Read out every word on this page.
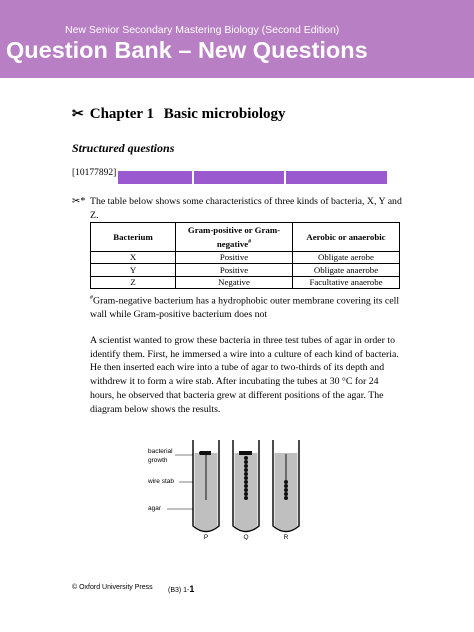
New Senior Secondary Mastering Biology (Second Edition)
Question Bank – New Questions
✂ Chapter 1 Basic microbiology
Structured questions
[10177892]
✂* The table below shows some characteristics of three kinds of bacteria, X, Y and Z.
Bacterium	Gram-positive or Gram-negative#	Aerobic or anaerobic
X	Positive	Obligate aerobe
Y	Positive	Obligate anaerobe
Z	Negative	Facultative anaerobe
#Gram-negative bacterium has a hydrophobic outer membrane covering its cell wall while Gram-positive bacterium does not
A scientist wanted to grow these bacteria in three test tubes of agar in order to identify them. First, he immersed a wire into a culture of each kind of bacteria. He then inserted each wire into a tube of agar to two-thirds of its depth and withdrew it to form a wire stab. After incubating the tubes at 30 °C for 24 hours, he observed that bacteria grew at different positions of the agar. The diagram below shows the results.
bacterial
growth
wire stab
agar
P	Q	R
© Oxford University Press (B3) 1-1
